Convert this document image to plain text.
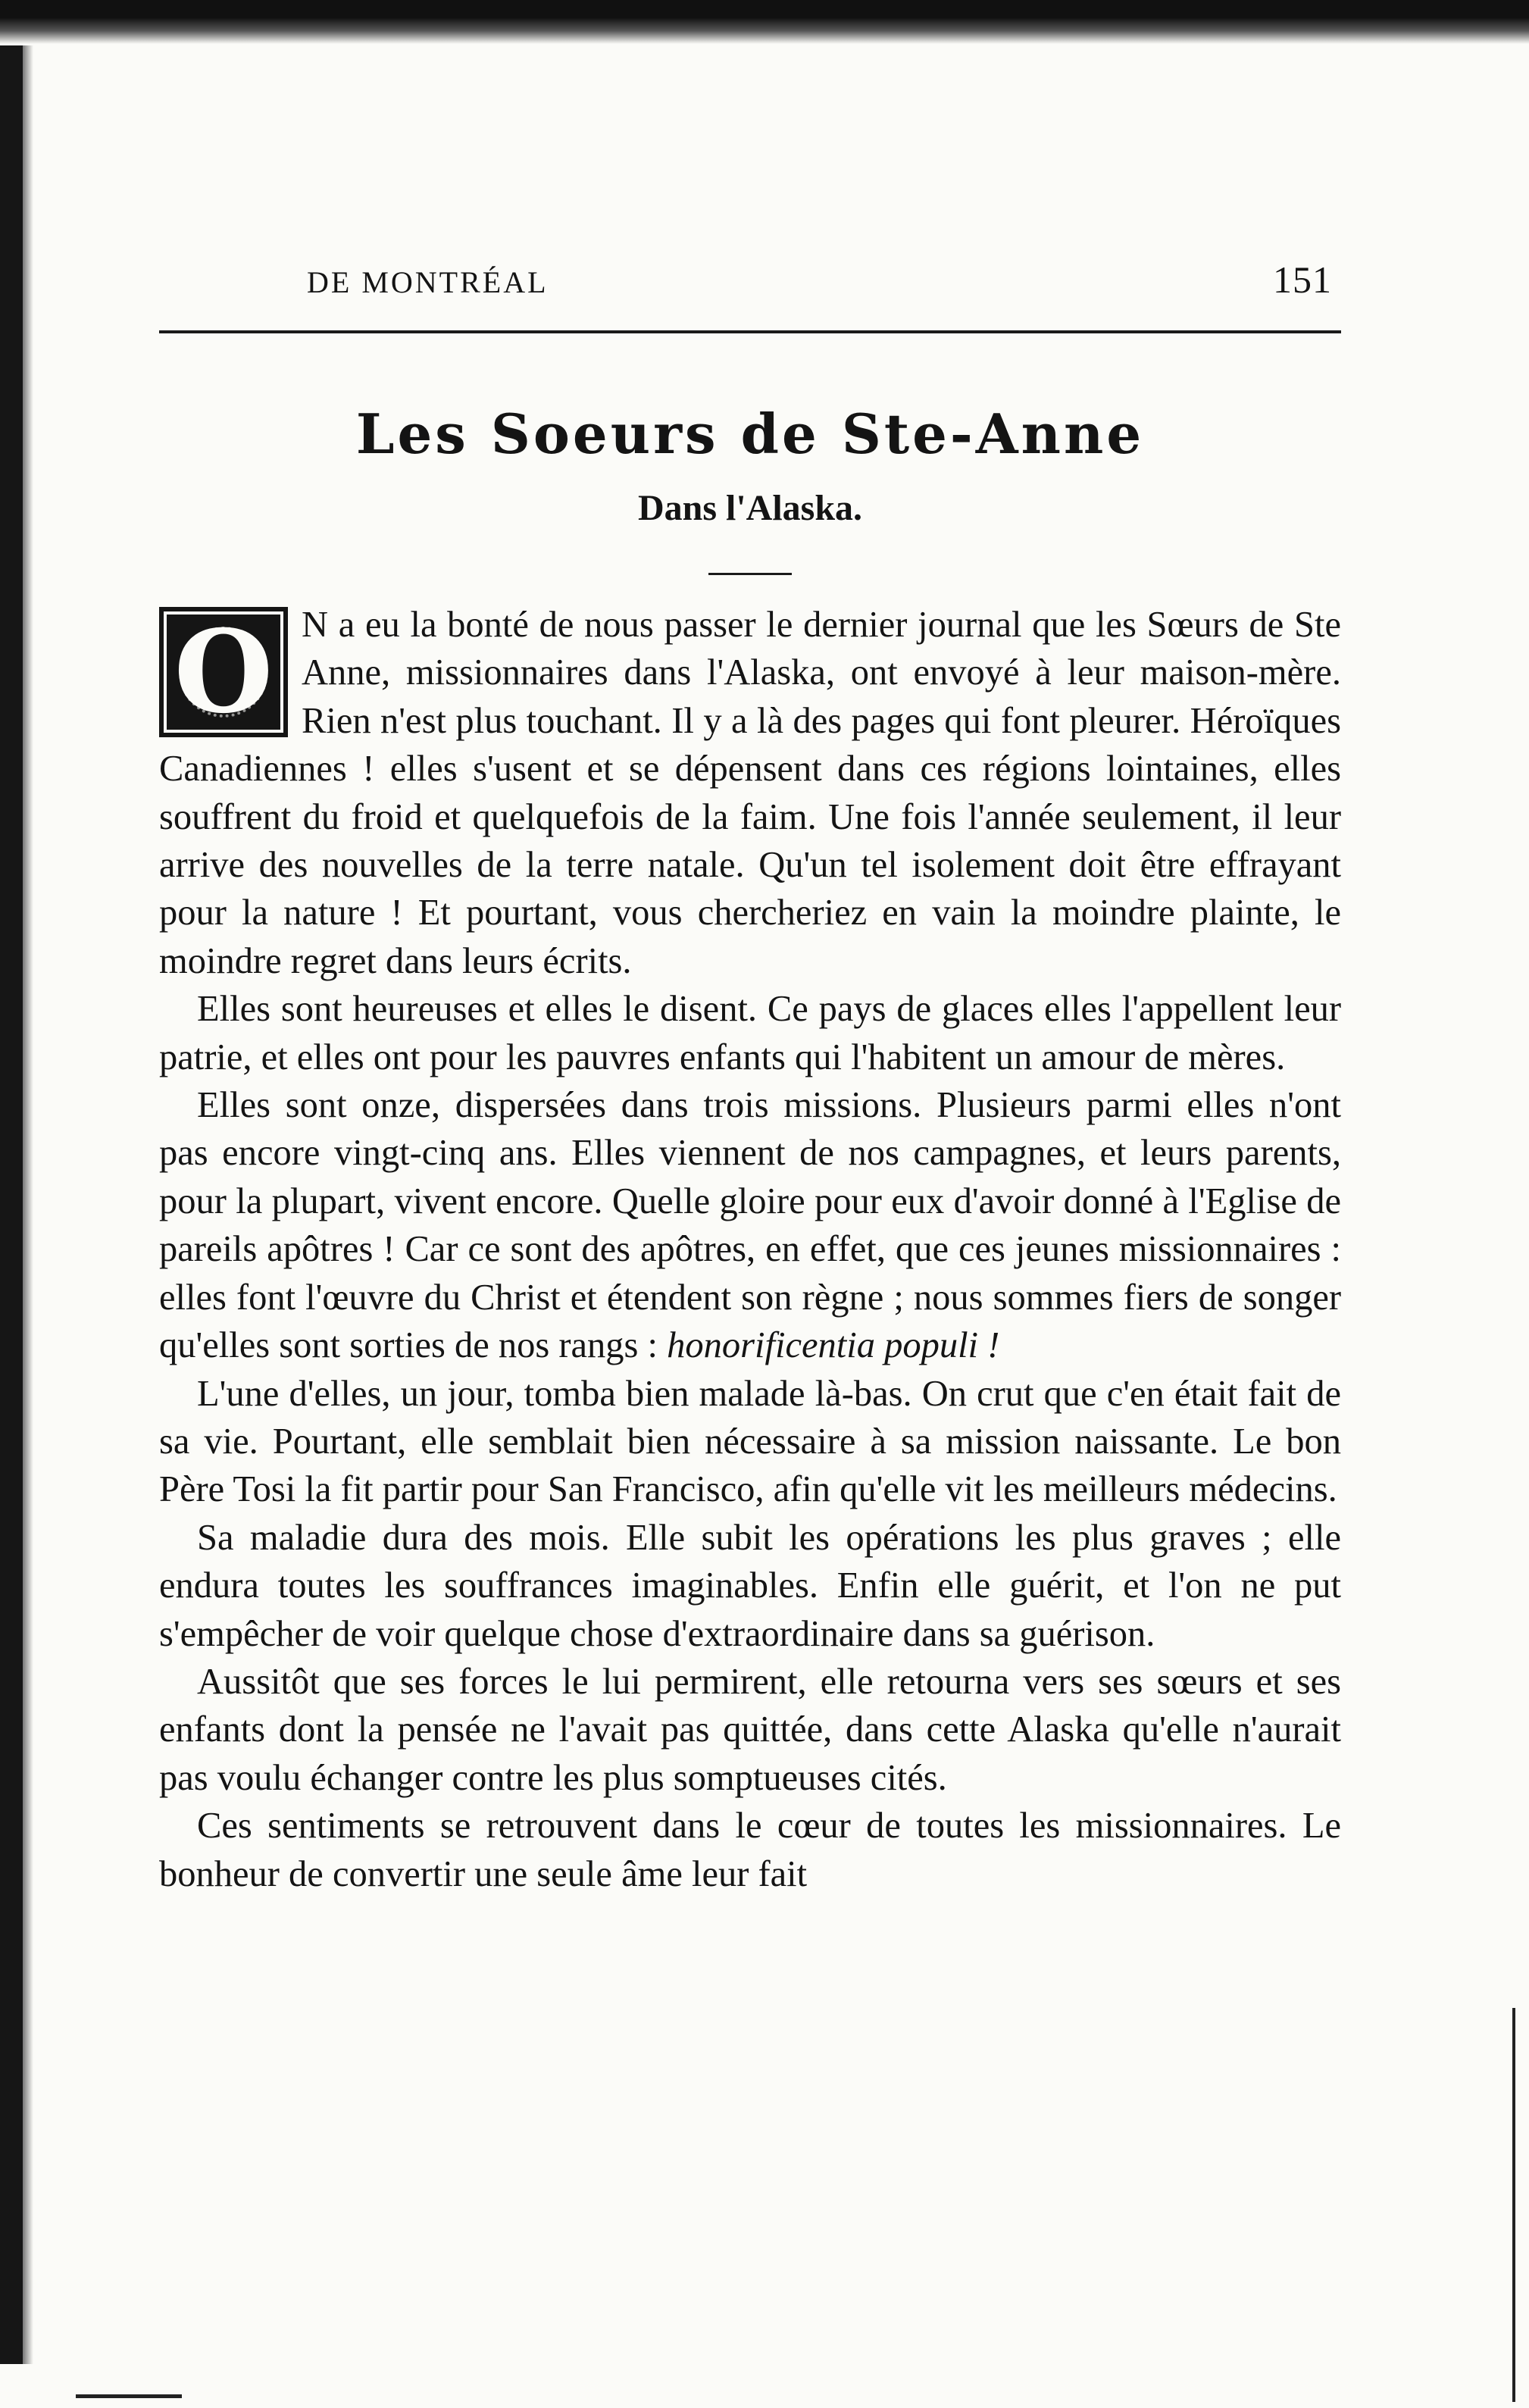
DE MONTRÉAL	151
Les Soeurs de Ste-Anne
Dans l'Alaska.

O N a eu la bonté de nous passer le dernier journal que les Sœurs de Ste Anne, missionnaires dans l'Alaska, ont envoyé à leur maison-mère. Rien n'est plus touchant. Il y a là des pages qui font pleurer. Héroïques Canadiennes ! elles s'usent et se dépensent dans ces régions lointaines, elles souffrent du froid et quelquefois de la faim. Une fois l'année seulement, il leur arrive des nouvelles de la terre natale. Qu'un tel isolement doit être effrayant pour la nature ! Et pourtant, vous chercheriez en vain la moindre plainte, le moindre regret dans leurs écrits.

Elles sont heureuses et elles le disent. Ce pays de glaces elles l'appellent leur patrie, et elles ont pour les pauvres enfants qui l'habitent un amour de mères.

Elles sont onze, dispersées dans trois missions. Plusieurs parmi elles n'ont pas encore vingt-cinq ans. Elles viennent de nos campagnes, et leurs parents, pour la plupart, vivent encore. Quelle gloire pour eux d'avoir donné à l'Eglise de pareils apôtres ! Car ce sont des apôtres, en effet, que ces jeunes missionnaires : elles font l'œuvre du Christ et étendent son règne ; nous sommes fiers de songer qu'elles sont sorties de nos rangs : honorificentia populi !

L'une d'elles, un jour, tomba bien malade là-bas. On crut que c'en était fait de sa vie. Pourtant, elle semblait bien nécessaire à sa mission naissante. Le bon Père Tosi la fit partir pour San Francisco, afin qu'elle vit les meilleurs médecins.

Sa maladie dura des mois. Elle subit les opérations les plus graves ; elle endura toutes les souffrances imaginables. Enfin elle guérit, et l'on ne put s'empêcher de voir quelque chose d'extraordinaire dans sa guérison.

Aussitôt que ses forces le lui permirent, elle retourna vers ses sœurs et ses enfants dont la pensée ne l'avait pas quittée, dans cette Alaska qu'elle n'aurait pas voulu échanger contre les plus somptueuses cités.

Ces sentiments se retrouvent dans le cœur de toutes les missionnaires. Le bonheur de convertir une seule âme leur fait
